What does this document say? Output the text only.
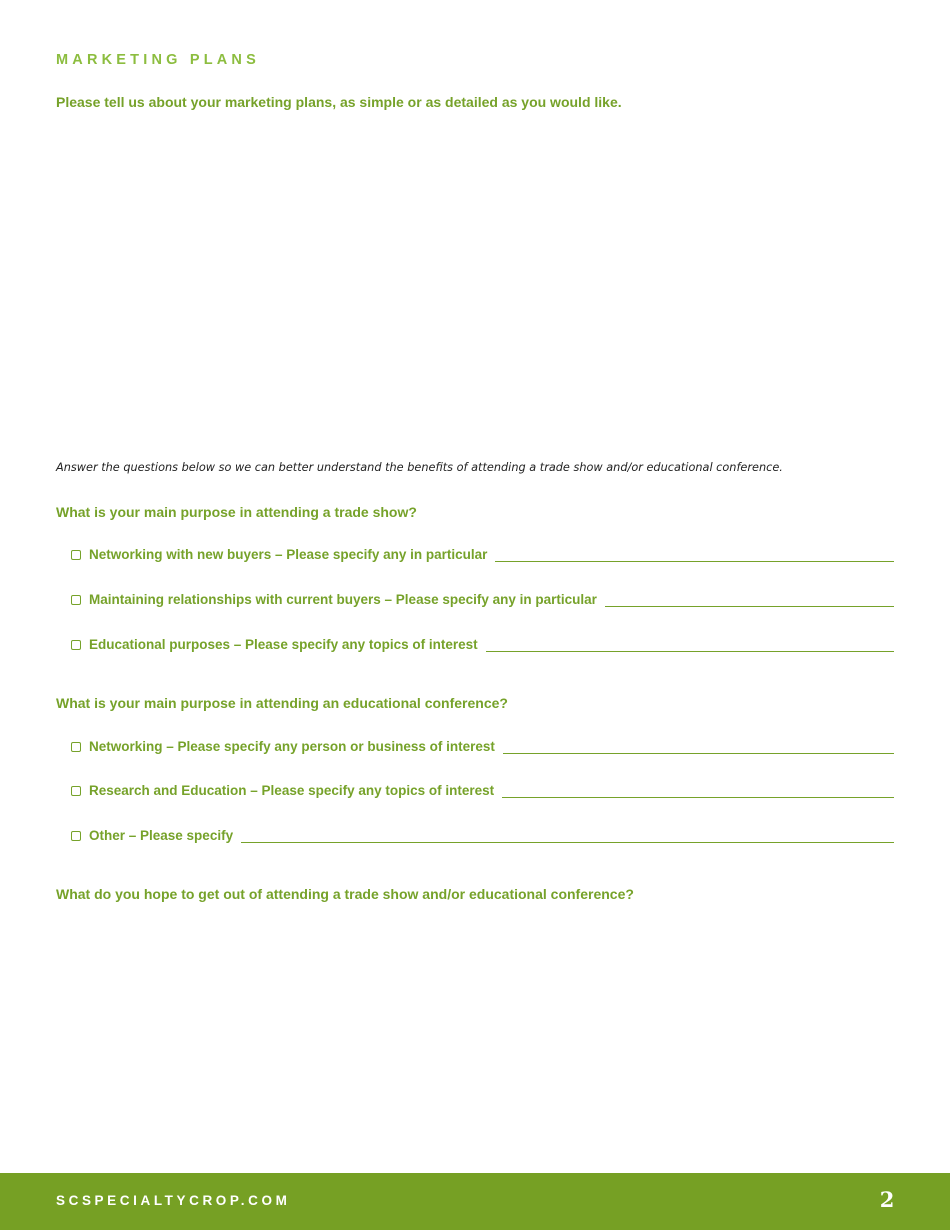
MARKETING PLANS

Please tell us about your marketing plans, as simple or as detailed as you would like.

Answer the questions below so we can better understand the benefits of attending a trade show and/or educational conference.

What is your main purpose in attending a trade show?

Networking with new buyers – Please specify any in particular
Maintaining relationships with current buyers – Please specify any in particular
Educational purposes – Please specify any topics of interest

What is your main purpose in attending an educational conference?

Networking – Please specify any person or business of interest
Research and Education – Please specify any topics of interest
Other – Please specify

What do you hope to get out of attending a trade show and/or educational conference?

SCSPECIALTYCROP.COM	2
